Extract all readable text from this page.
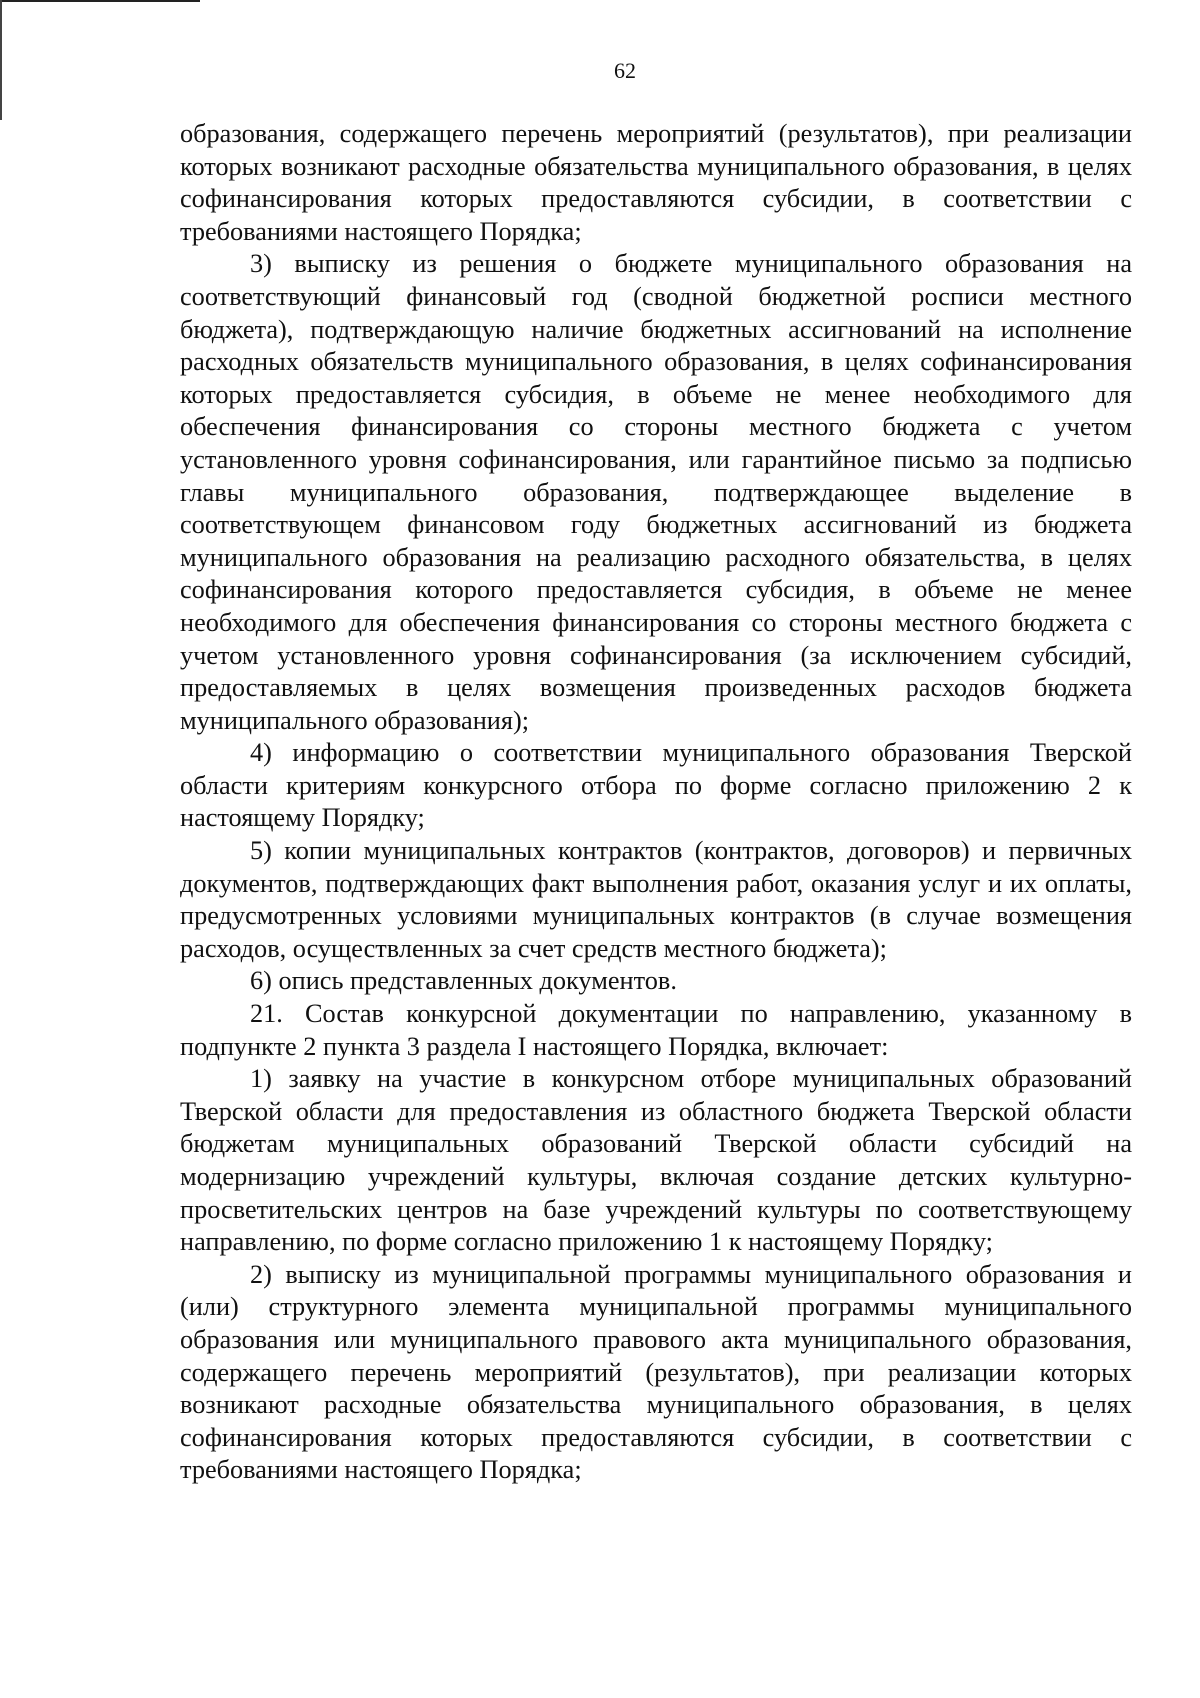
62

образования, содержащего перечень мероприятий (результатов), при реализации которых возникают расходные обязательства муниципального образования, в целях софинансирования которых предоставляются субсидии, в соответствии с требованиями настоящего Порядка;

3) выписку из решения о бюджете муниципального образования на соответствующий финансовый год (сводной бюджетной росписи местного бюджета), подтверждающую наличие бюджетных ассигнований на исполнение расходных обязательств муниципального образования, в целях софинансирования которых предоставляется субсидия, в объеме не менее необходимого для обеспечения финансирования со стороны местного бюджета с учетом установленного уровня софинансирования, или гарантийное письмо за подписью главы муниципального образования, подтверждающее выделение в соответствующем финансовом году бюджетных ассигнований из бюджета муниципального образования на реализацию расходного обязательства, в целях софинансирования которого предоставляется субсидия, в объеме не менее необходимого для обеспечения финансирования со стороны местного бюджета с учетом установленного уровня софинансирования (за исключением субсидий, предоставляемых в целях возмещения произведенных расходов бюджета муниципального образования);

4) информацию о соответствии муниципального образования Тверской области критериям конкурсного отбора по форме согласно приложению 2 к настоящему Порядку;

5) копии муниципальных контрактов (контрактов, договоров) и первичных документов, подтверждающих факт выполнения работ, оказания услуг и их оплаты, предусмотренных условиями муниципальных контрактов (в случае возмещения расходов, осуществленных за счет средств местного бюджета);

6) опись представленных документов.

21. Состав конкурсной документации по направлению, указанному в подпункте 2 пункта 3 раздела I настоящего Порядка, включает:

1) заявку на участие в конкурсном отборе муниципальных образований Тверской области для предоставления из областного бюджета Тверской области бюджетам муниципальных образований Тверской области субсидий на модернизацию учреждений культуры, включая создание детских культурно-просветительских центров на базе учреждений культуры по соответствующему направлению, по форме согласно приложению 1 к настоящему Порядку;

2) выписку из муниципальной программы муниципального образования и (или) структурного элемента муниципальной программы муниципального образования или муниципального правового акта муниципального образования, содержащего перечень мероприятий (результатов), при реализации которых возникают расходные обязательства муниципального образования, в целях софинансирования которых предоставляются субсидии, в соответствии с требованиями настоящего Порядка;
